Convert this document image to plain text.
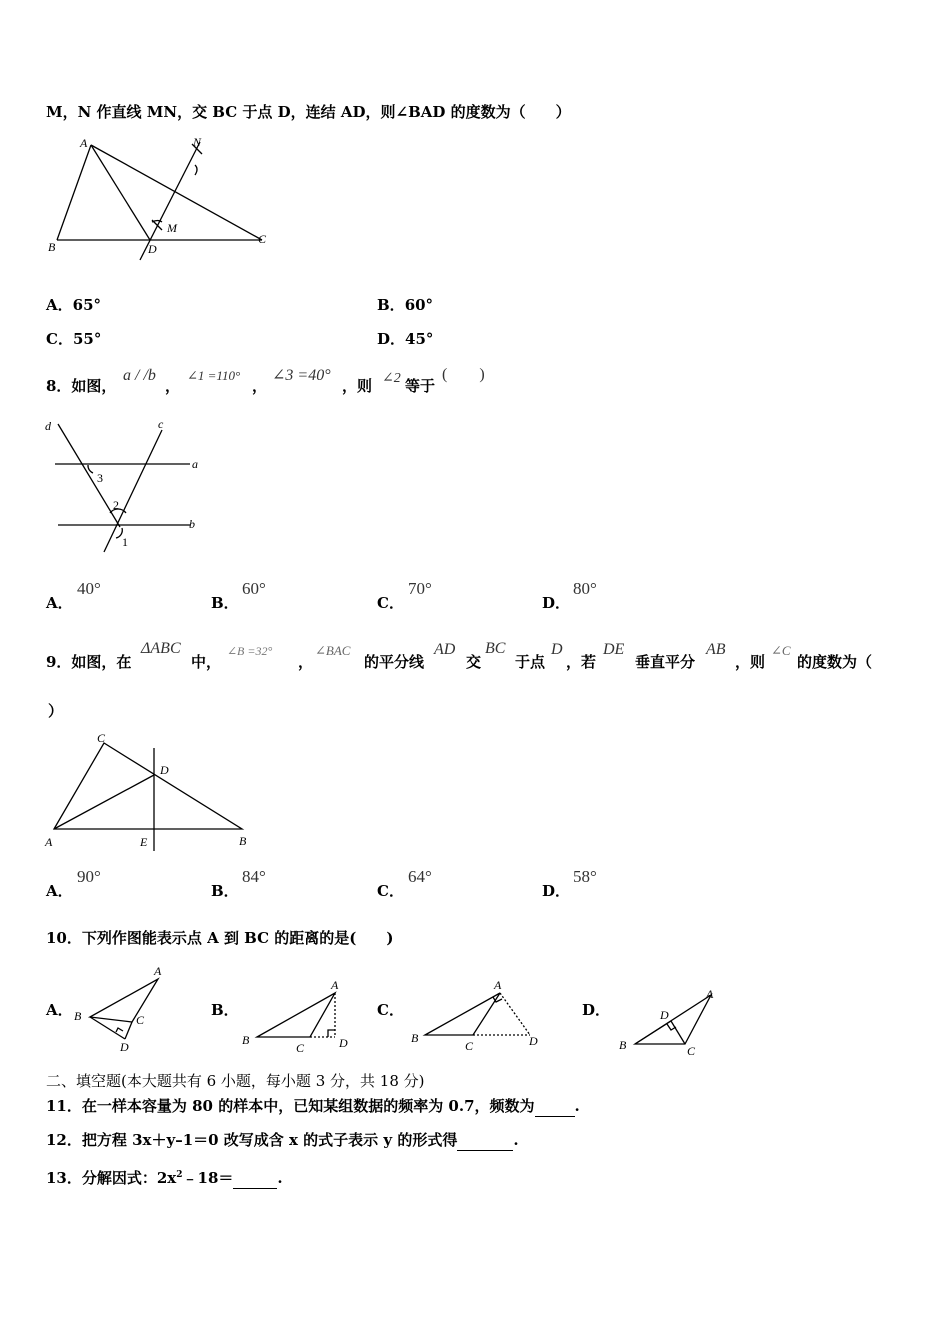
M，N 作直线 MN，交 BC 于点 D，连结 AD，则∠BAD 的度数为（　　）
A
B
C
D
M
N
A．65°	B．60°
C．55°	D．45°
8．如图，
a / /b
，
∠1 =110°
，
∠3 =40°
，则 ∠2 等于
(　　)
d	c
a
b
3
2
1
A．
40°
B．
60°
C．
70°
D．
80°
9．如图，在
ΔABC
中，
∠B =32°
，
∠BAC
的平分线
AD
交
BC
于点
D
，若
DE
垂直平分
AB
，则
∠C
的度数为（
）
C
D
A	E	B
A．
90°
B．
84°
C．
64°
D．
58°
10．下列作图能表示点 A 到 BC 的距离的是(　　)
A．
A
B	C
D
B．
A
B
C	D
C．
A
B
C	D
D．
A
B	C
D
二、填空题(本大题共有 6 小题，每小题 3 分，共 18 分)
11．在一样本容量为 80 的样本中，已知某组数据的频率为 0.7，频数为	.
12．把方程 3x＋y–1＝0 改写成含 x 的式子表示 y 的形式得	.
13．分解因式：$2x^2﹣18=$	.
